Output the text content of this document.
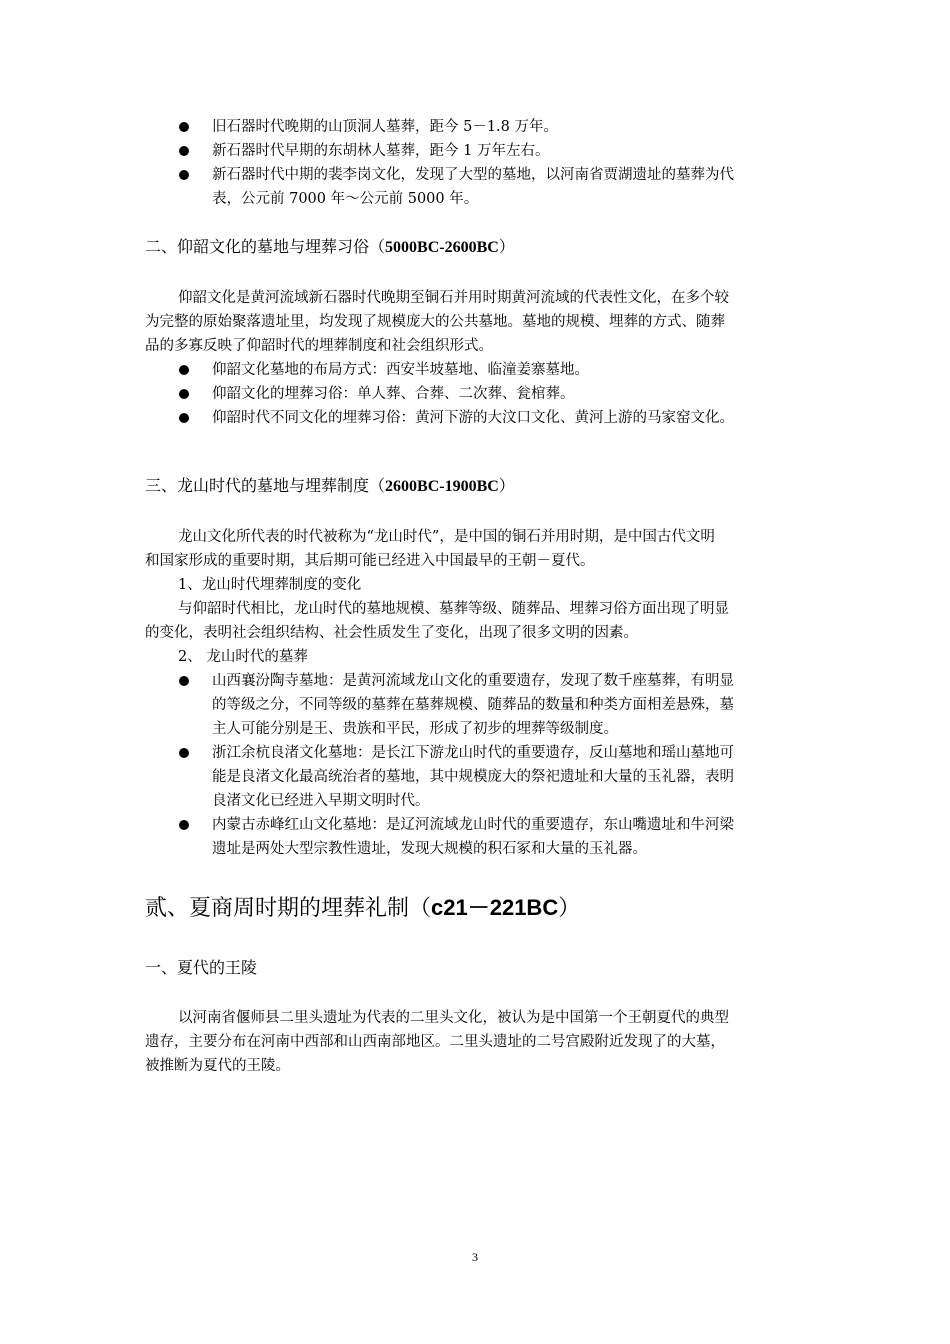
旧石器时代晚期的山顶洞人墓葬，距今 5－1.8 万年。
新石器时代早期的东胡林人墓葬，距今 1 万年左右。
新石器时代中期的裴李岗文化，发现了大型的墓地，以河南省贾湖遗址的墓葬为代
表，公元前 7000 年～公元前 5000 年。
二、仰韶文化的墓地与埋葬习俗（5000BC-2600BC）
仰韶文化是黄河流域新石器时代晚期至铜石并用时期黄河流域的代表性文化，在多个较
为完整的原始聚落遗址里，均发现了规模庞大的公共墓地。墓地的规模、埋葬的方式、随葬
品的多寡反映了仰韶时代的埋葬制度和社会组织形式。
仰韶文化墓地的布局方式：西安半坡墓地、临潼姜寨墓地。
仰韶文化的埋葬习俗：单人葬、合葬、二次葬、瓮棺葬。
仰韶时代不同文化的埋葬习俗：黄河下游的大汶口文化、黄河上游的马家窑文化。
三、龙山时代的墓地与埋葬制度（2600BC-1900BC）
龙山文化所代表的时代被称为“龙山时代”，是中国的铜石并用时期，是中国古代文明
和国家形成的重要时期，其后期可能已经进入中国最早的王朝－夏代。
1、龙山时代埋葬制度的变化
与仰韶时代相比，龙山时代的墓地规模、墓葬等级、随葬品、埋葬习俗方面出现了明显
的变化，表明社会组织结构、社会性质发生了变化，出现了很多文明的因素。
2、 龙山时代的墓葬
山西襄汾陶寺墓地：是黄河流域龙山文化的重要遗存，发现了数千座墓葬，有明显
的等级之分，不同等级的墓葬在墓葬规模、随葬品的数量和种类方面相差悬殊，墓
主人可能分别是王、贵族和平民，形成了初步的埋葬等级制度。
浙江余杭良渚文化墓地：是长江下游龙山时代的重要遗存，反山墓地和瑶山墓地可
能是良渚文化最高统治者的墓地，其中规模庞大的祭祀遗址和大量的玉礼器，表明
良渚文化已经进入早期文明时代。
内蒙古赤峰红山文化墓地：是辽河流域龙山时代的重要遗存，东山嘴遗址和牛河梁
遗址是两处大型宗教性遗址，发现大规模的积石冢和大量的玉礼器。
贰、夏商周时期的埋葬礼制（c21－221BC）
一、夏代的王陵
以河南省偃师县二里头遗址为代表的二里头文化，被认为是中国第一个王朝夏代的典型
遗存，主要分布在河南中西部和山西南部地区。二里头遗址的二号宫殿附近发现了的大墓，
被推断为夏代的王陵。
3
